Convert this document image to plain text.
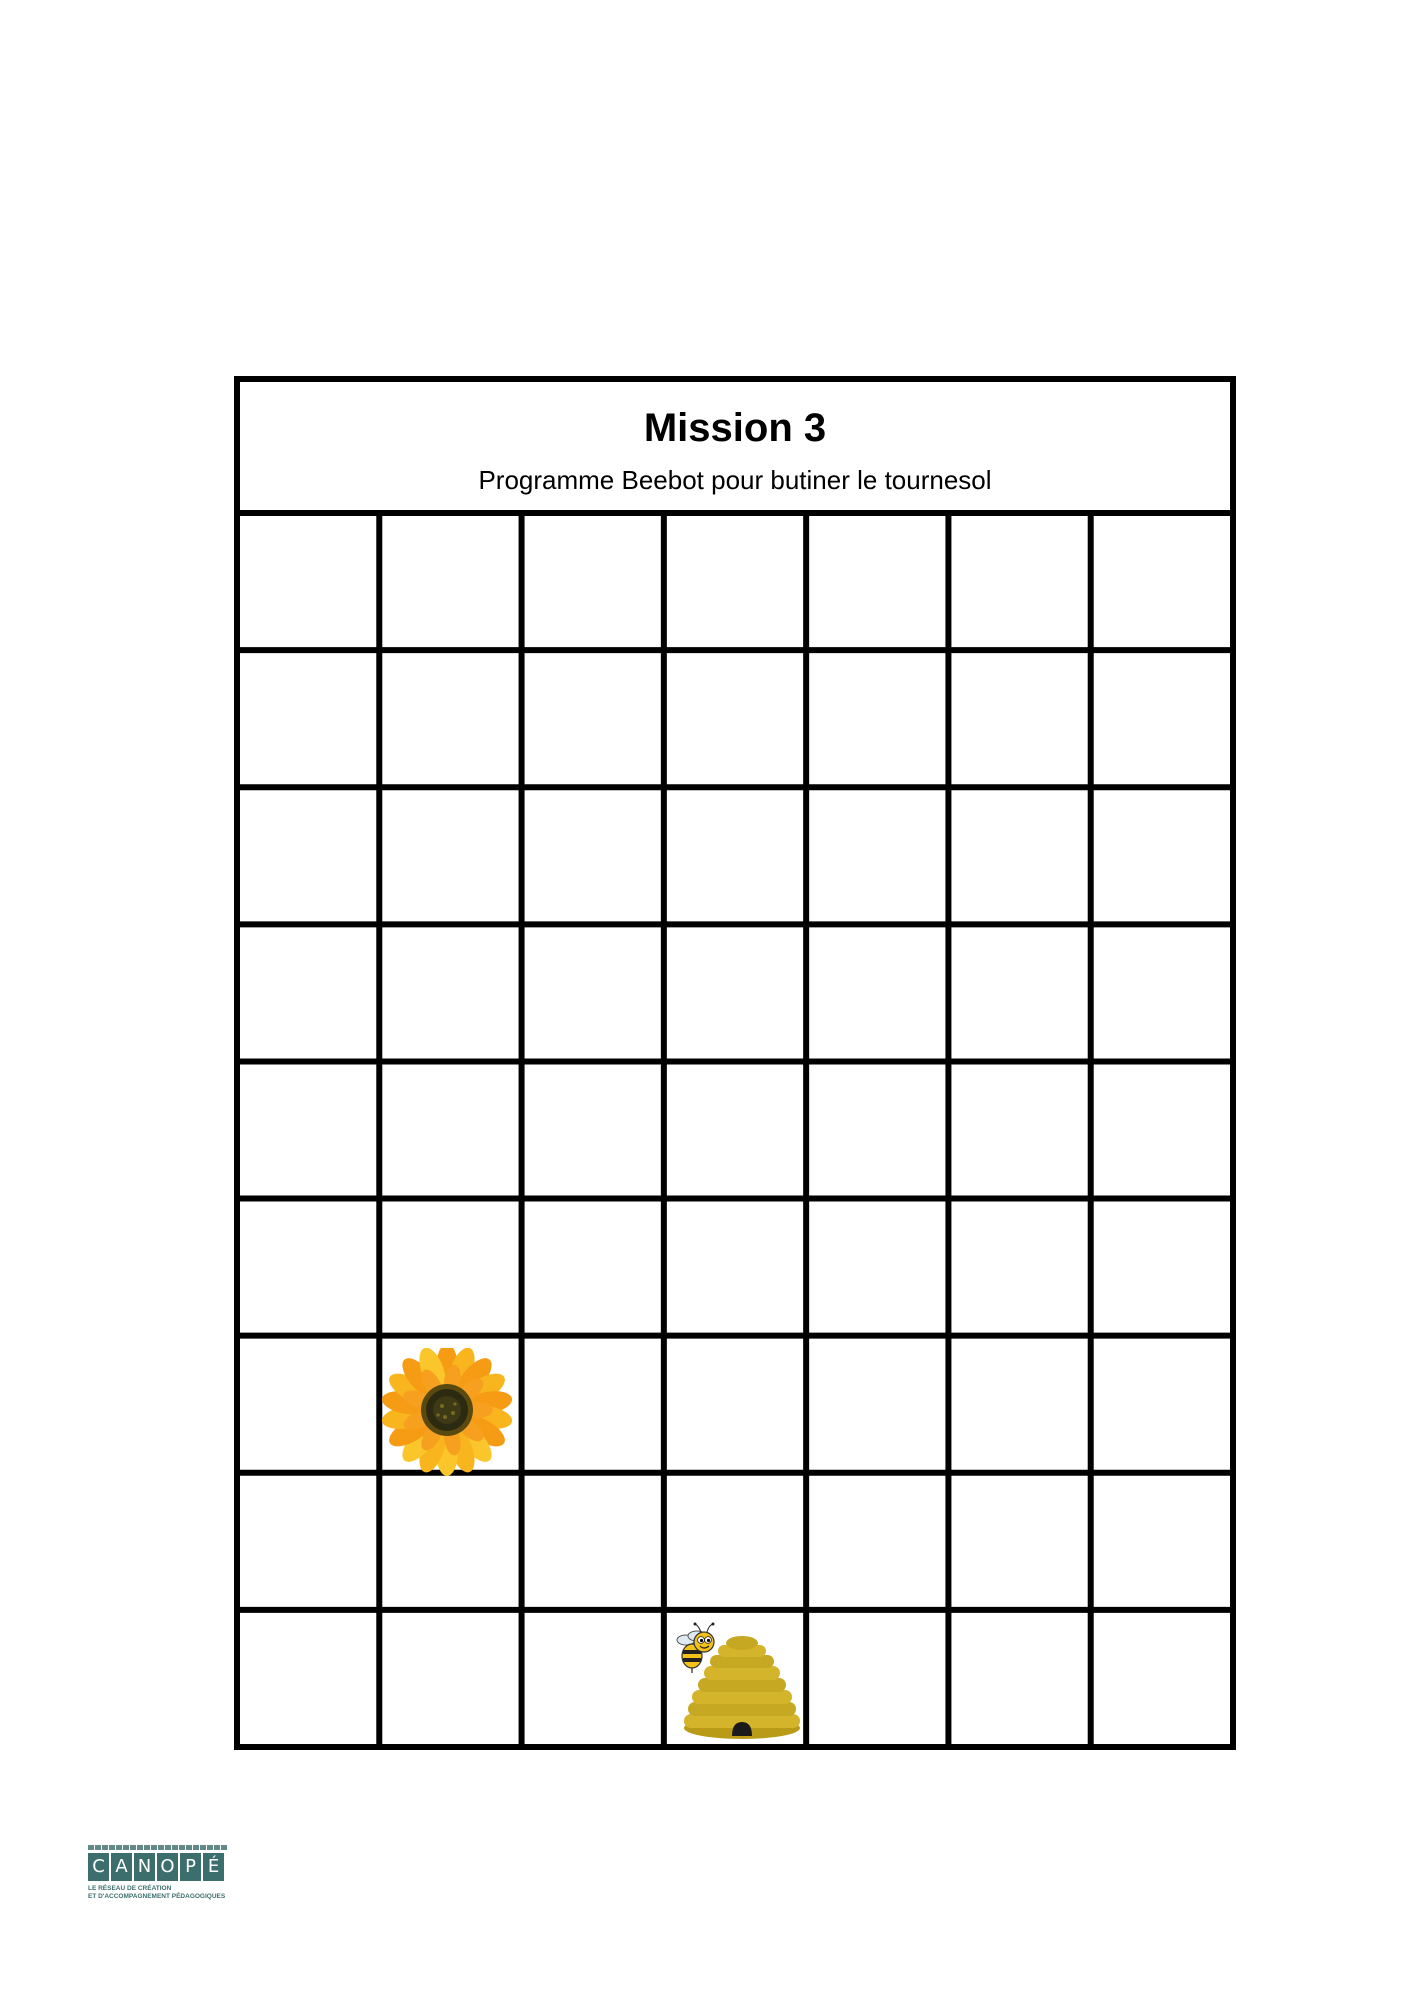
Mission 3
Programme Beebot pour butiner le tournesol
C A N O P É
LE RÉSEAU DE CRÉATION
ET D'ACCOMPAGNEMENT PÉDAGOGIQUES
